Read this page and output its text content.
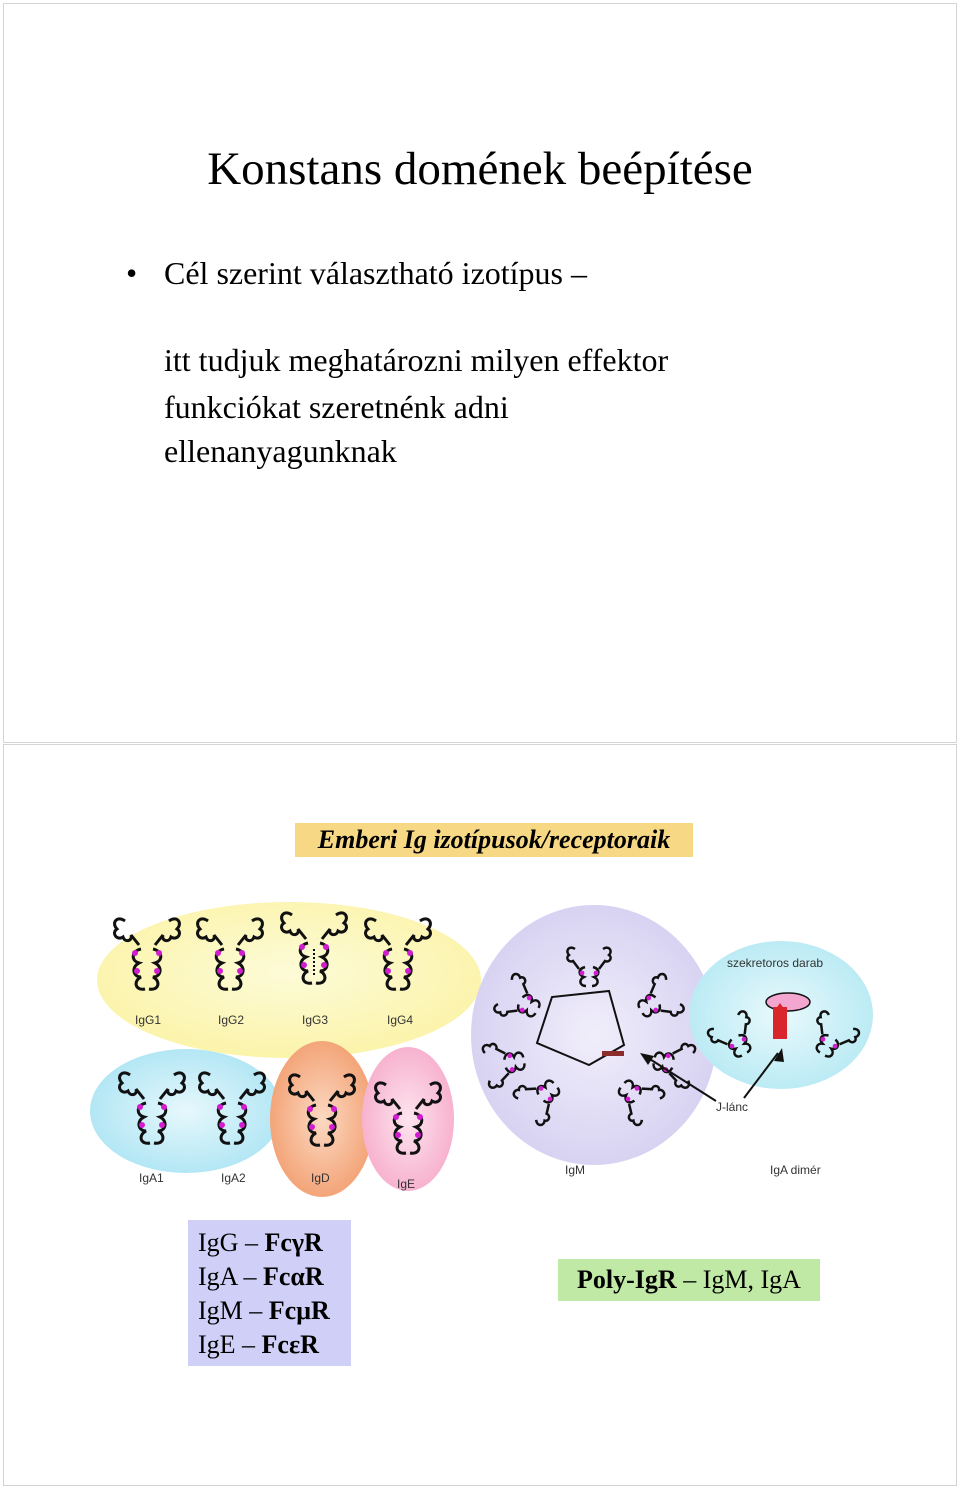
Konstans domének beépítése
• Cél szerint választható izotípus –
itt tudjuk meghatározni milyen effektor
funkciókat szeretnénk adni
ellenanyagunknak
Emberi Ig izotípusok/receptoraik
IgG1	IgG2	IgG3	IgG4
IgA1	IgA2	IgD	IgE
IgM	IgA dimér
szekretoros darab
J-lánc
IgG – FcγR
IgA – FcαR
IgM – FcμR
IgE – FcεR
Poly-IgR – IgM, IgA
